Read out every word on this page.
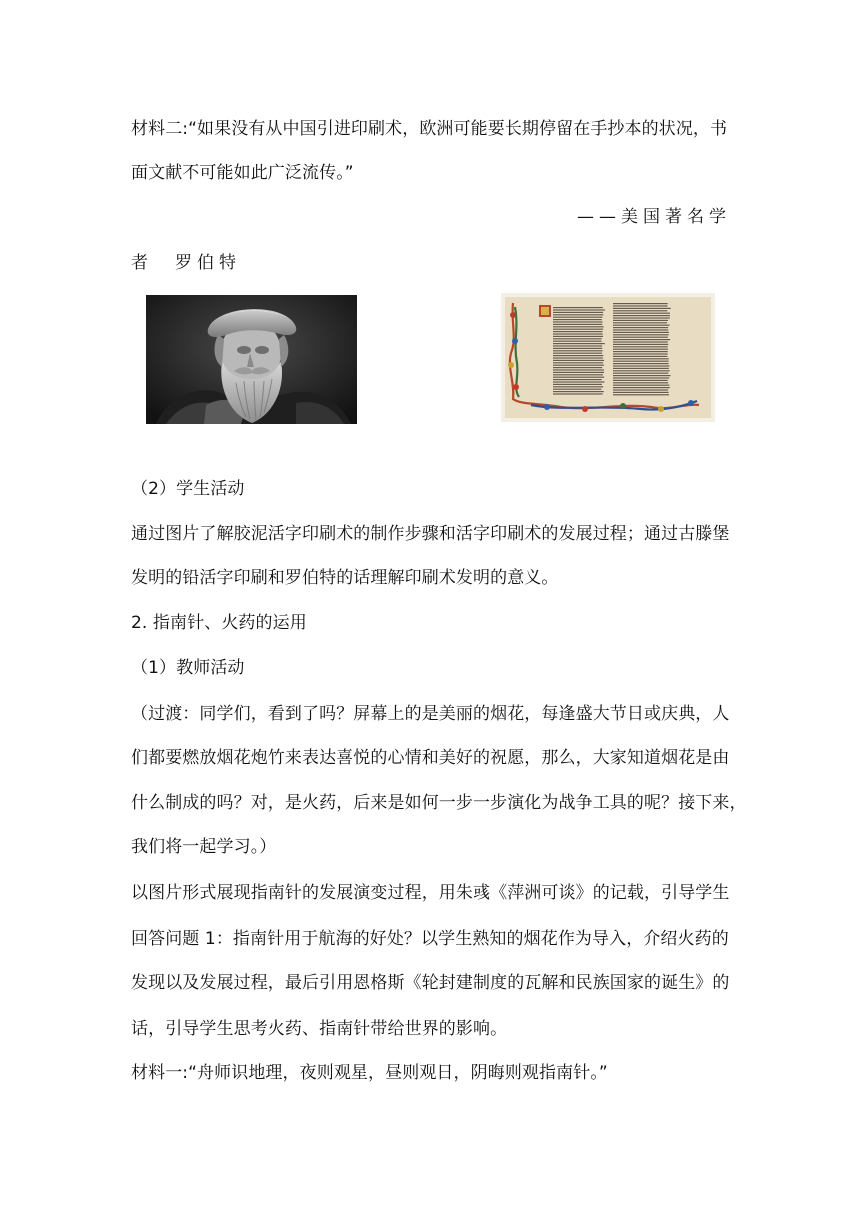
材料二:“如果没有从中国引进印刷术，欧洲可能要长期停留在手抄本的状况，书
面文献不可能如此广泛流传。”
——美国著名学
者　罗伯特
（2）学生活动
通过图片了解胶泥活字印刷术的制作步骤和活字印刷术的发展过程；通过古滕堡
发明的铅活字印刷和罗伯特的话理解印刷术发明的意义。
2. 指南针、火药的运用
（1）教师活动
（过渡：同学们，看到了吗？屏幕上的是美丽的烟花，每逢盛大节日或庆典，人
们都要燃放烟花炮竹来表达喜悦的心情和美好的祝愿，那么，大家知道烟花是由
什么制成的吗？对，是火药，后来是如何一步一步演化为战争工具的呢？接下来，
我们将一起学习。）
以图片形式展现指南针的发展演变过程，用朱彧《萍洲可谈》的记载，引导学生
回答问题 1：指南针用于航海的好处？以学生熟知的烟花作为导入，介绍火药的
发现以及发展过程，最后引用恩格斯《轮封建制度的瓦解和民族国家的诞生》的
话，引导学生思考火药、指南针带给世界的影响。
材料一:“舟师识地理，夜则观星，昼则观日，阴晦则观指南针。”
